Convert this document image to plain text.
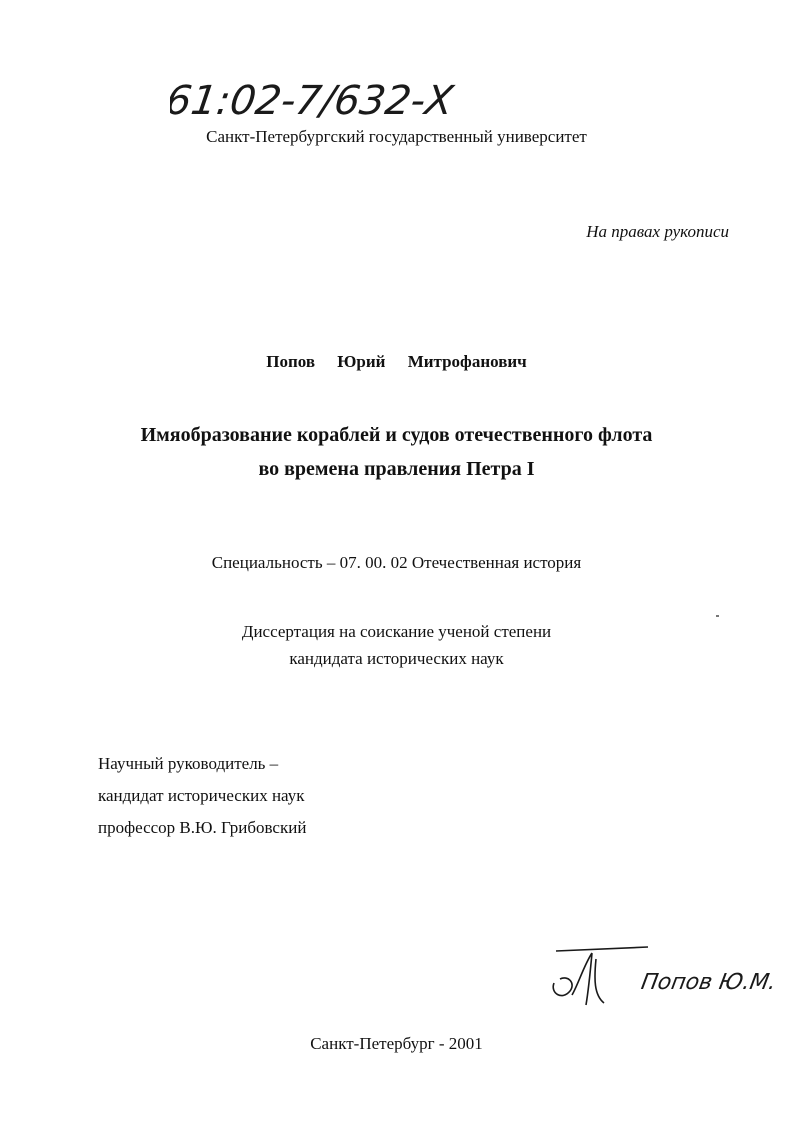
61:02-7/632-Х
Санкт-Петербургский государственный университет
На правах рукописи
Попов Юрий Митрофанович
Имяобразование кораблей и судов отечественного флота
во времена правления Петра I
Специальность – 07. 00. 02 Отечественная история
Диссертация на соискание ученой степени
кандидата исторических наук
Научный руководитель –
кандидат исторических наук
профессор В.Ю. Грибовский
Попов Ю.М.
Санкт-Петербург - 2001
